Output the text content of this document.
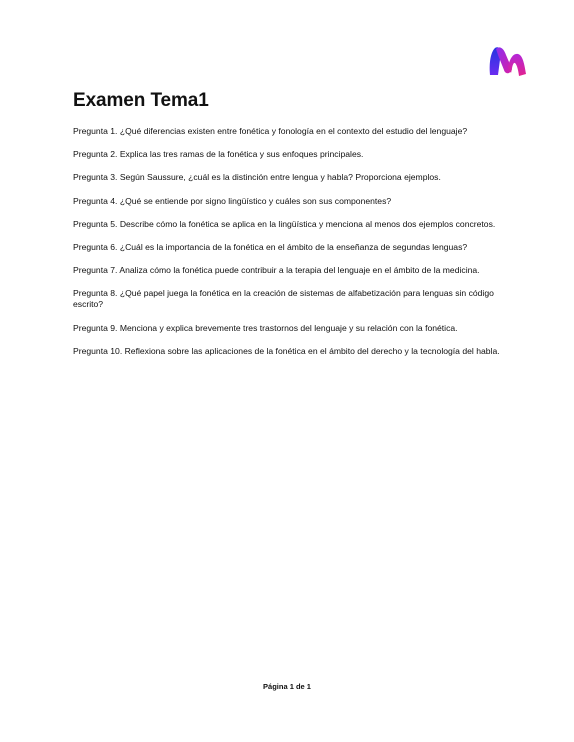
Examen Tema1
Pregunta 1. ¿Qué diferencias existen entre fonética y fonología en el contexto del estudio del lenguaje?
Pregunta 2. Explica las tres ramas de la fonética y sus enfoques principales.
Pregunta 3. Según Saussure, ¿cuál es la distinción entre lengua y habla? Proporciona ejemplos.
Pregunta 4. ¿Qué se entiende por signo lingüístico y cuáles son sus componentes?
Pregunta 5. Describe cómo la fonética se aplica en la lingüística y menciona al menos dos ejemplos concretos.
Pregunta 6. ¿Cuál es la importancia de la fonética en el ámbito de la enseñanza de segundas lenguas?
Pregunta 7. Analiza cómo la fonética puede contribuir a la terapia del lenguaje en el ámbito de la medicina.
Pregunta 8. ¿Qué papel juega la fonética en la creación de sistemas de alfabetización para lenguas sin código escrito?
Pregunta 9. Menciona y explica brevemente tres trastornos del lenguaje y su relación con la fonética.
Pregunta 10. Reflexiona sobre las aplicaciones de la fonética en el ámbito del derecho y la tecnología del habla.
Página 1 de 1
